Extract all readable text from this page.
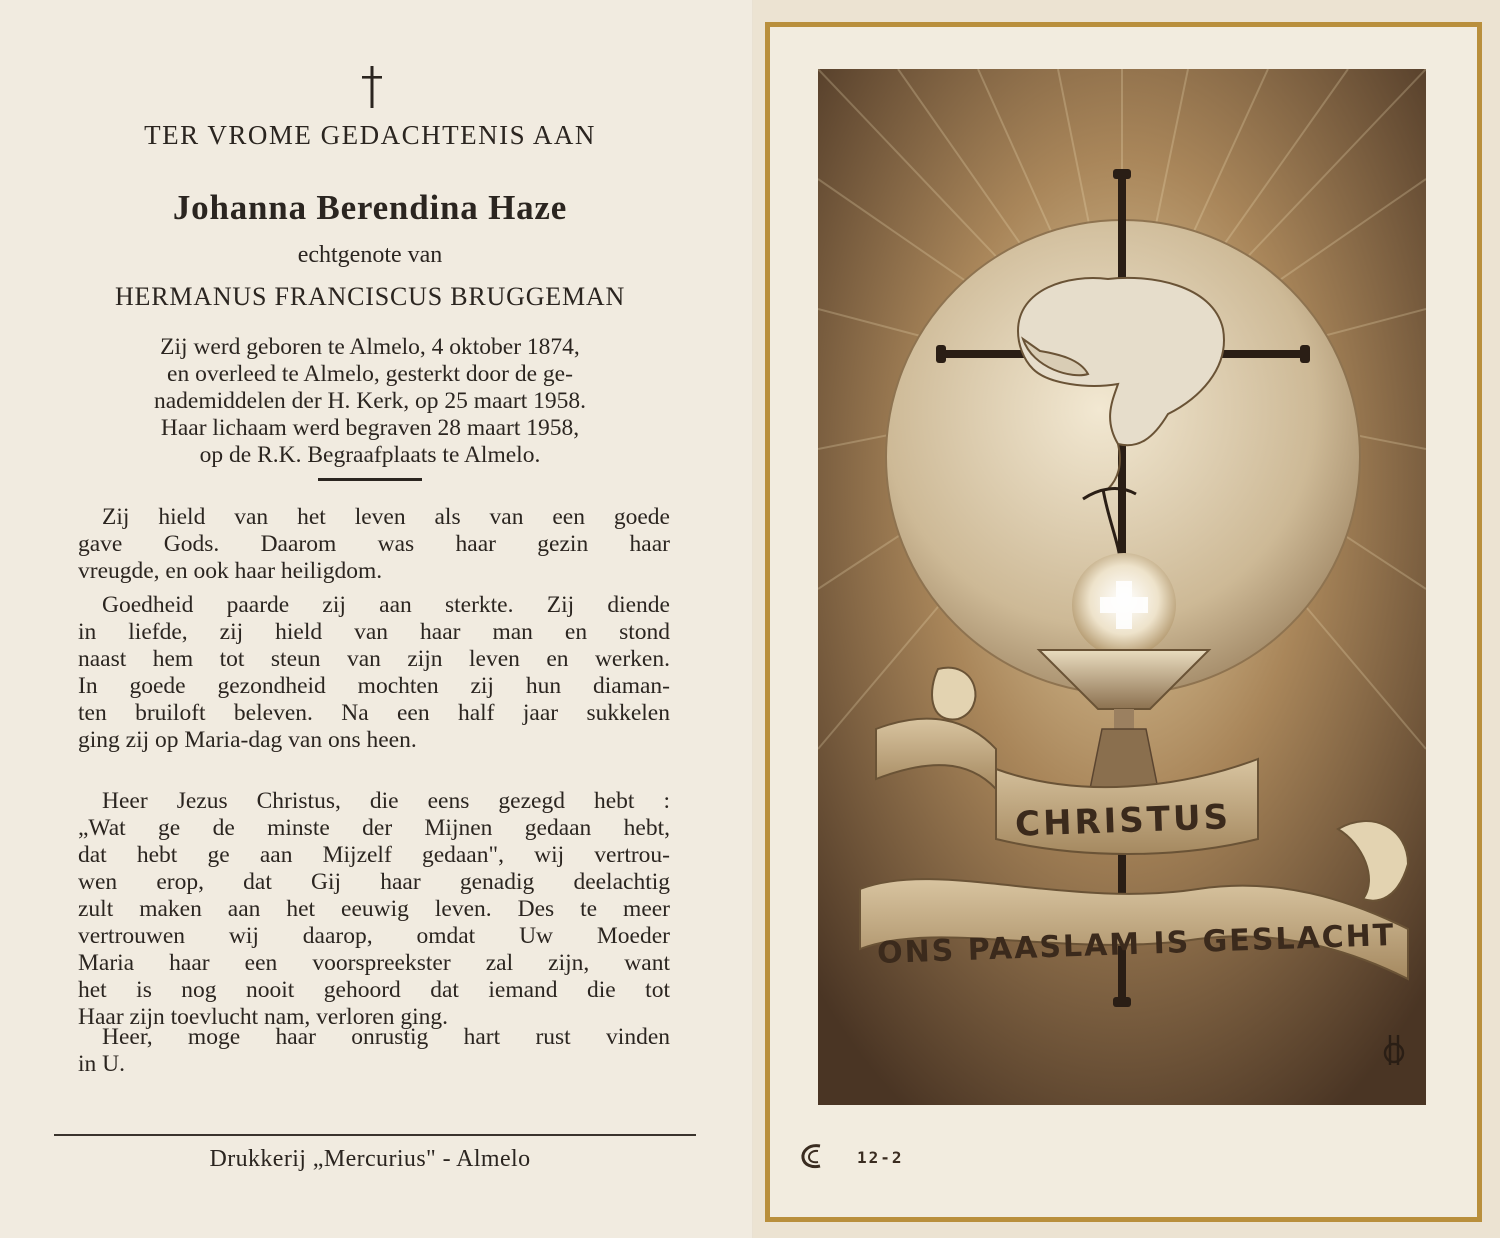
TER VROME GEDACHTENIS AAN
Johanna Berendina Haze
echtgenote van
HERMANUS FRANCISCUS BRUGGEMAN
Zij werd geboren te Almelo, 4 oktober 1874,
en overleed te Almelo, gesterkt door de ge-
nademiddelen der H. Kerk, op 25 maart 1958.
Haar lichaam werd begraven 28 maart 1958,
op de R.K. Begraafplaats te Almelo.
Zij hield van het leven als van een goede
gave Gods. Daarom was haar gezin haar
vreugde, en ook haar heiligdom.
Goedheid paarde zij aan sterkte. Zij diende
in liefde, zij hield van haar man en stond
naast hem tot steun van zijn leven en werken.
In goede gezondheid mochten zij hun diaman-
ten bruiloft beleven. Na een half jaar sukkelen
ging zij op Maria-dag van ons heen.
Heer Jezus Christus, die eens gezegd hebt :
„Wat ge de minste der Mijnen gedaan hebt,
dat hebt ge aan Mijzelf gedaan", wij vertrou-
wen erop, dat Gij haar genadig deelachtig
zult maken aan het eeuwig leven. Des te meer
vertrouwen wij daarop, omdat Uw Moeder
Maria haar een voorspreekster zal zijn, want
het is nog nooit gehoord dat iemand die tot
Haar zijn toevlucht nam, verloren ging.
Heer, moge haar onrustig hart rust vinden
in U.
Drukkerij „Mercurius" - Almelo
CHRISTUS
ONS PAASLAM IS GESLACHT
12-2
